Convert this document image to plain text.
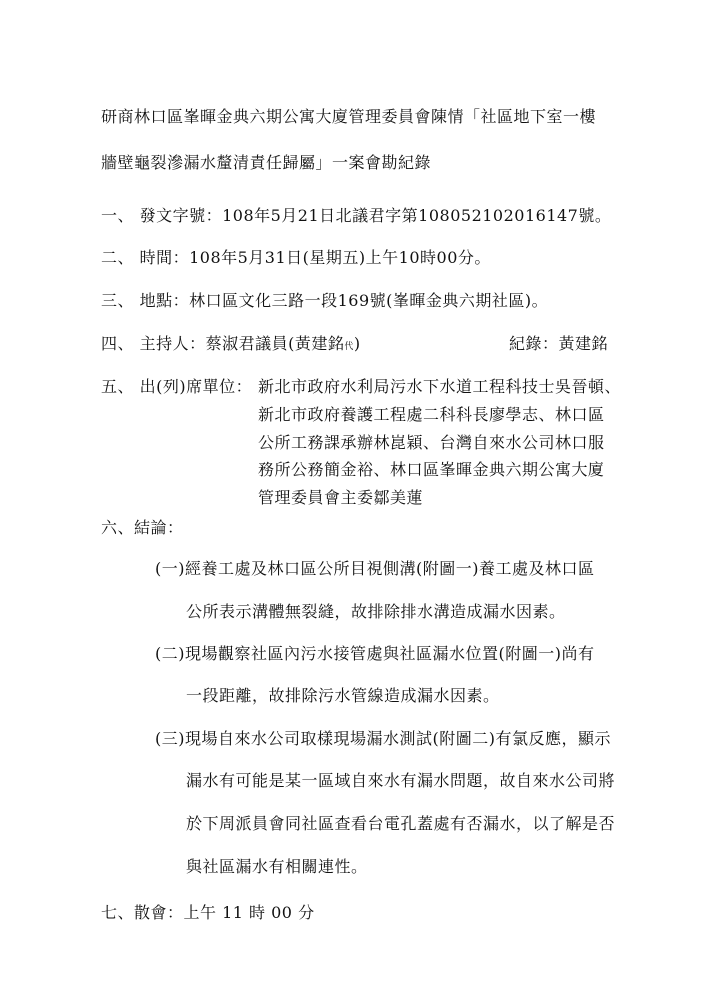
研商林口區峯暉金典六期公寓大廈管理委員會陳情「社區地下室一樓
牆壁龜裂滲漏水釐清責任歸屬」一案會勘紀錄
一、 發文字號：108年5月21日北議君字第108052102016147號。
二、 時間：108年5月31日(星期五)上午10時00分。
三、 地點：林口區文化三路一段169號(峯暉金典六期社區)。
四、 主持人：蔡淑君議員(黃建銘代)	紀錄：黃建銘
五、 出(列)席單位： 新北市政府水利局污水下水道工程科技士吳晉頓、
新北市政府養護工程處二科科長廖學志、林口區
公所工務課承辦林崑穎、台灣自來水公司林口服
務所公務簡金裕、林口區峯暉金典六期公寓大廈
管理委員會主委鄒美蓮
六、結論：
(一)經養工處及林口區公所目視側溝(附圖一)養工處及林口區
公所表示溝體無裂縫，故排除排水溝造成漏水因素。
(二)現場觀察社區內污水接管處與社區漏水位置(附圖一)尚有
一段距離，故排除污水管線造成漏水因素。
(三)現場自來水公司取樣現場漏水測試(附圖二)有氯反應，顯示
漏水有可能是某一區域自來水有漏水問題，故自來水公司將
於下周派員會同社區查看台電孔蓋處有否漏水，以了解是否
與社區漏水有相關連性。
七、散會：上午 11 時 00 分
